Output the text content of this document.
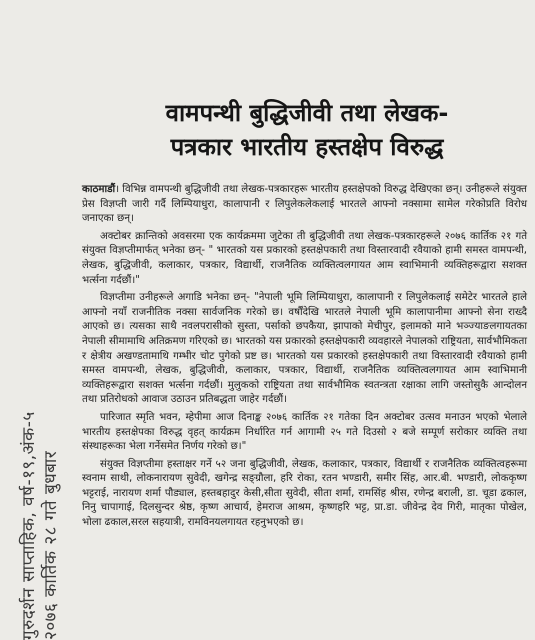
गुरुदर्शन साप्ताहिक, वर्ष-१९,अंक-५ २०७६ कार्तिक २८ गते बुधबार
वामपन्थी बुद्धिजीवी तथा लेखक-
पत्रकार भारतीय हस्तक्षेप विरुद्ध

काठमाडौं। विभिन्न वामपन्थी बुद्धिजीवी तथा लेखक-पत्रकारहरू भारतीय हस्तक्षेपको विरुद्ध देखिएका छन्। उनीहरूले संयुक्त प्रेस विज्ञप्ती जारी गर्दै लिम्पियाधुरा, कालापानी र लिपुलेकलेकलाई भारतले आफ्नो नक्सामा सामेल गरेकोप्रति विरोध जनाएका छन्।

अक्टोबर क्रान्तिको अवसरमा एक कार्यक्रममा जुटेका ती बुद्धिजीवी तथा लेखक-पत्रकारहरूले २०७६ कार्तिक २१ गते संयुक्त विज्ञप्तीमार्फत् भनेका छन्- " भारतको यस प्रकारको हस्तक्षेपकारी तथा विस्तारवादी रवैयाको हामी समस्त वामपन्थी, लेखक, बुद्धिजीवी, कलाकार, पत्रकार, विद्यार्थी, राजनैतिक व्यक्तित्वलगायत आम स्वाभिमानी व्यक्तिहरूद्वारा सशक्त भर्त्सना गर्दछौं।"

विज्ञप्तीमा उनीहरूले अगाडि भनेका छन्- "नेपाली भूमि लिम्पियाधुरा, कालापानी र लिपुलेकलाई समेटेर भारतले हाले आफ्नो नयाँ राजनीतिक नक्सा सार्वजनिक गरेको छ। वर्षौंदेखि भारतले नेपाली भूमि कालापानीमा आफ्नो सेना राख्दै आएको छ। त्यसका साथै नवलपरासीको सुस्ता, पर्साको छपकैया, झापाको मेचीपुर, इलामको माने भञ्ज्याङलगायतका नेपाली सीमामाथि अतिक्रमण गरिएको छ। भारतको यस प्रकारको हस्तक्षेपकारी व्यवहारले नेपालको राष्ट्रियता, सार्वभौमिकता र क्षेत्रीय अखण्डतामाथि गम्भीर चोट पुगेको प्रष्ट छ। भारतको यस प्रकारको हस्तक्षेपकारी तथा विस्तारवादी रवैयाको हामी समस्त वामपन्थी, लेखक, बुद्धिजीवी, कलाकार, पत्रकार, विद्यार्थी, राजनैतिक व्यक्तित्वलगायत आम स्वाभिमानी व्यक्तिहरूद्वारा सशक्त भर्त्सना गर्दछौं। मुलुकको राष्ट्रियता तथा सार्वभौमिक स्वतन्त्रता रक्षाका लागि जस्तोसुकै आन्दोलन तथा प्रतिरोधको आवाज उठाउन प्रतिबद्धता जाहेर गर्दछौं।

पारिजात स्मृति भवन, म्हेपीमा आज दिनाङ्क २०७६ कार्तिक २१ गतेका दिन अक्टोबर उत्सव मनाउन भएको भेलाले भारतीय हस्तक्षेपका विरुद्ध वृहत् कार्यक्रम निर्धारित गर्न आगामी २५ गते दिउसो २ बजे सम्पूर्ण सरोकार व्यक्ति तथा संस्थाहरूका भेला गर्नेसमेत निर्णय गरेको छ।"

संयुक्त विज्ञप्तीमा हस्ताक्षर गर्ने ५२ जना बुद्धिजीवी, लेखक, कलाकार, पत्रकार, विद्यार्थी र राजनैतिक व्यक्तित्वहरूमा स्वनाम साथी, लोकनारायण सुवेदी, खगेन्द्र सङ्ग्रौला, हरि रोका, रतन भण्डारी, समीर सिंह, आर.बी. भण्डारी, लोककृष्ण भट्टराई, नारायण शर्मा पौड्याल, हस्तबहादुर केसी,सीता सुवेदी, सीता शर्मा, रामसिंह श्रीस, रणेन्द्र बराली, डा. चूडा ढकाल, निनु चापागाई, दिलसुन्दर श्रेष्ठ, कृष्ण आचार्य, हेमराज आश्रम, कृष्णहरि भट्ट, प्रा.डा. जीवेन्द्र देव गिरी, मातृका पोखेल, भोला ढकाल,सरल सहयात्री, रामविनयलगायत रहनुभएको छ।
